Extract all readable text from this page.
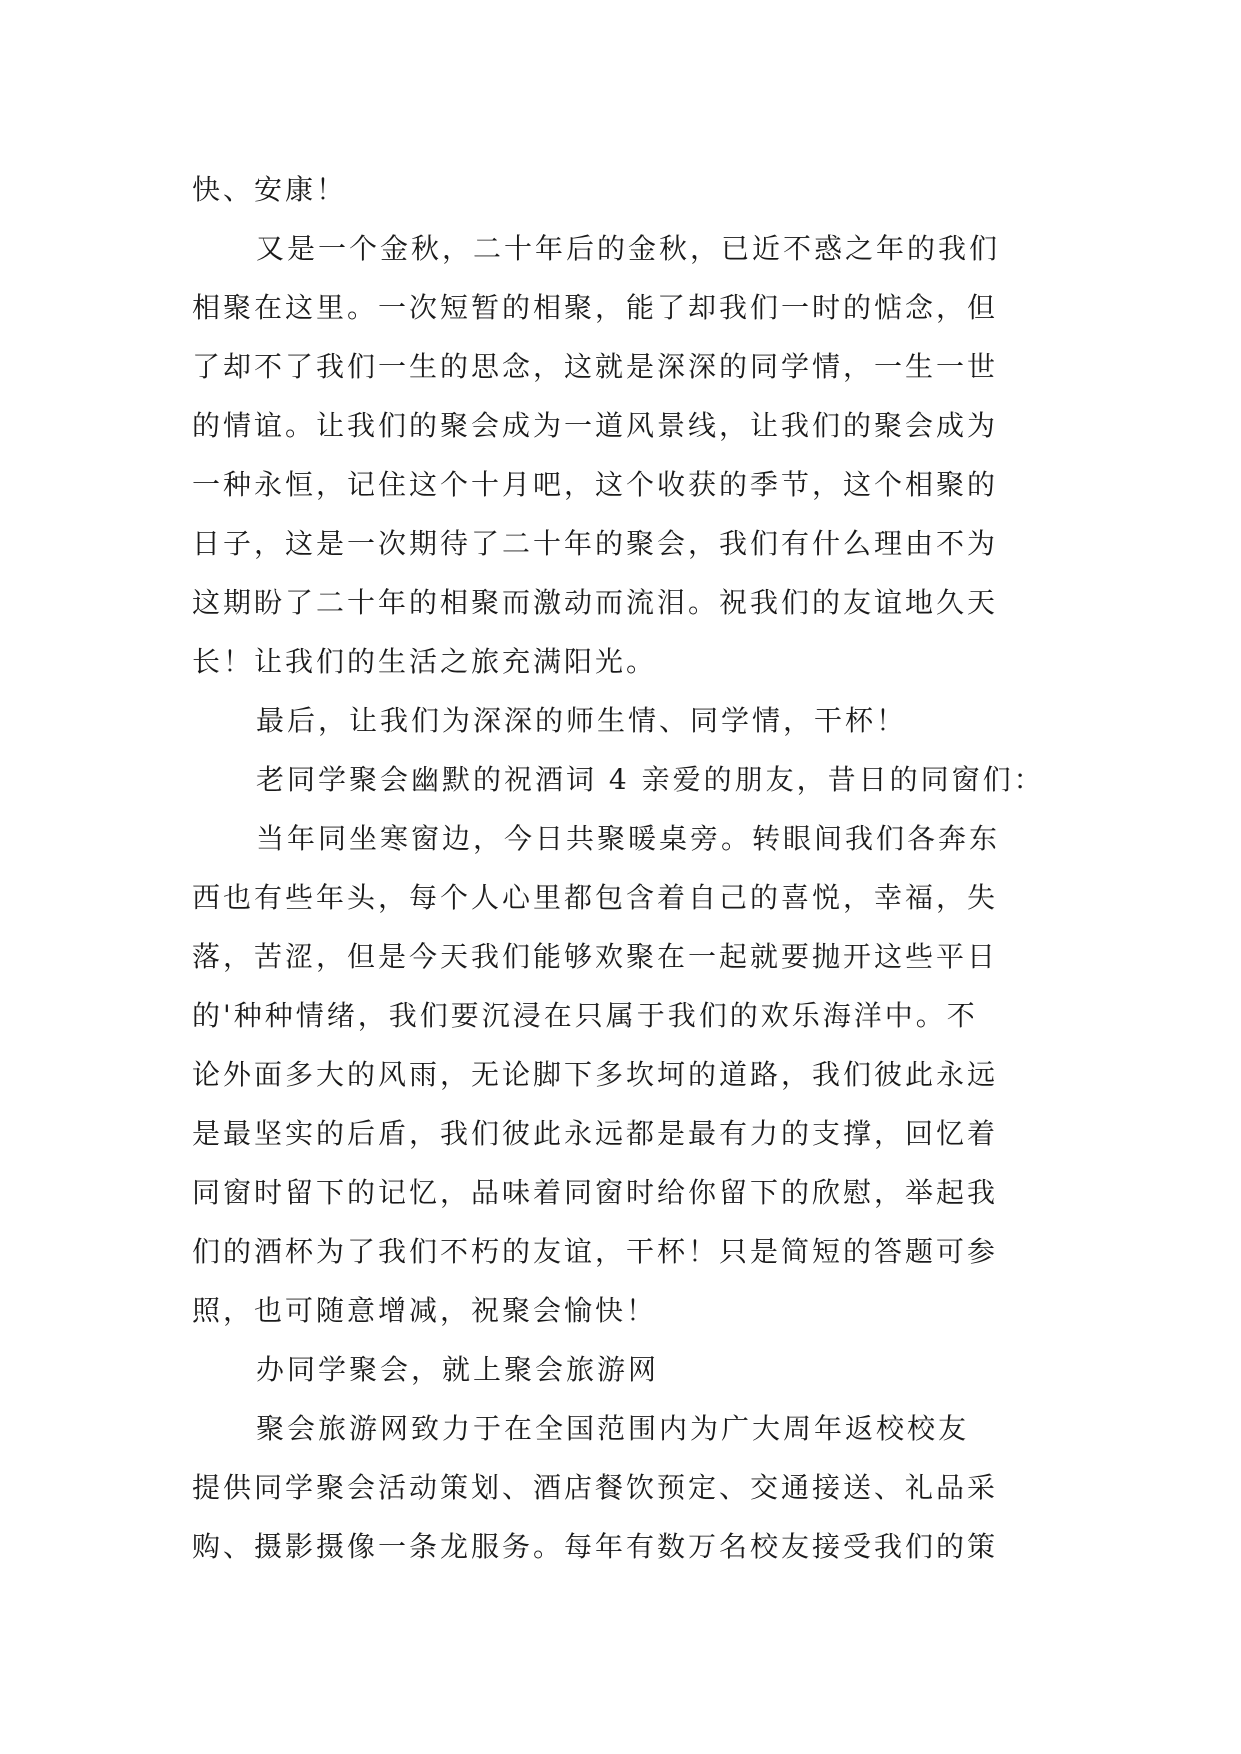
快、安康！
又是一个金秋，二十年后的金秋，已近不惑之年的我们
相聚在这里。一次短暂的相聚，能了却我们一时的惦念，但
了却不了我们一生的思念，这就是深深的同学情，一生一世
的情谊。让我们的聚会成为一道风景线，让我们的聚会成为
一种永恒，记住这个十月吧，这个收获的季节，这个相聚的
日子，这是一次期待了二十年的聚会，我们有什么理由不为
这期盼了二十年的相聚而激动而流泪。祝我们的友谊地久天
长！让我们的生活之旅充满阳光。
最后，让我们为深深的师生情、同学情，干杯！
老同学聚会幽默的祝酒词 4 亲爱的朋友，昔日的同窗们：
当年同坐寒窗边，今日共聚暖桌旁。转眼间我们各奔东
西也有些年头，每个人心里都包含着自己的喜悦，幸福，失
落，苦涩，但是今天我们能够欢聚在一起就要抛开这些平日
的'种种情绪，我们要沉浸在只属于我们的欢乐海洋中。不
论外面多大的风雨，无论脚下多坎坷的道路，我们彼此永远
是最坚实的后盾，我们彼此永远都是最有力的支撑，回忆着
同窗时留下的记忆，品味着同窗时给你留下的欣慰，举起我
们的酒杯为了我们不朽的友谊，干杯！只是简短的答题可参
照，也可随意增减，祝聚会愉快！
办同学聚会，就上聚会旅游网
聚会旅游网致力于在全国范围内为广大周年返校校友
提供同学聚会活动策划、酒店餐饮预定、交通接送、礼品采
购、摄影摄像一条龙服务。每年有数万名校友接受我们的策
